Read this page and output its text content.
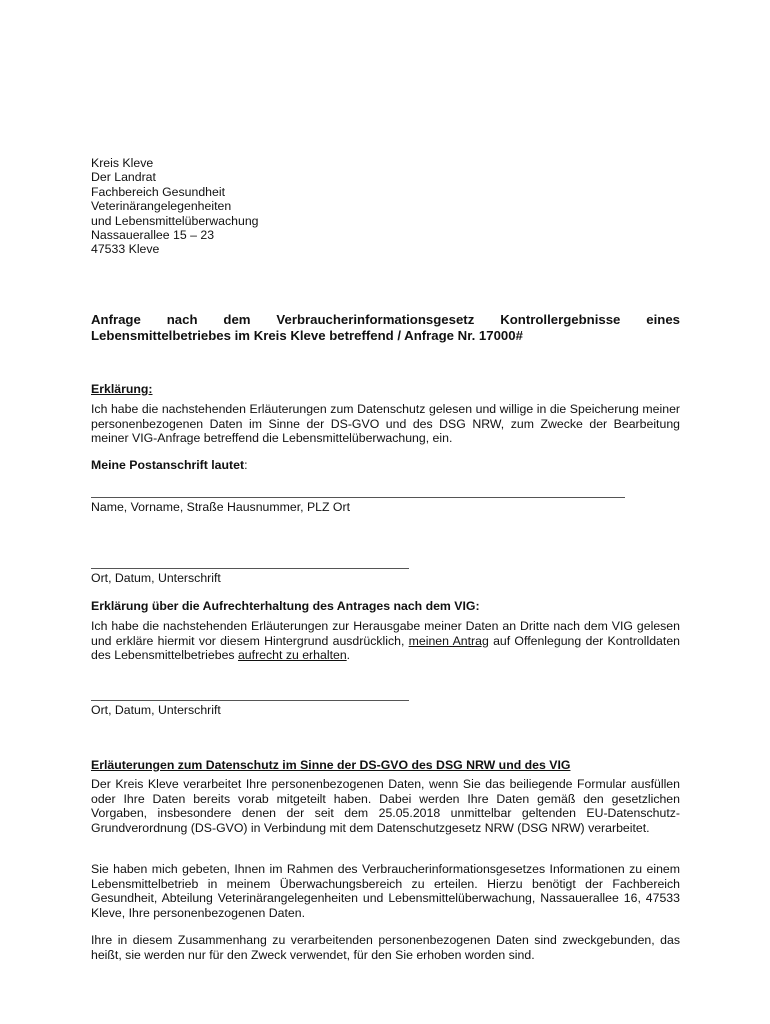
Kreis Kleve
Der Landrat
Fachbereich Gesundheit
Veterinärangelegenheiten
und Lebensmittelüberwachung
Nassauerallee 15 – 23
47533 Kleve
Anfrage nach dem Verbraucherinformationsgesetz Kontrollergebnisse eines
Lebensmittelbetriebes im Kreis Kleve betreffend / Anfrage Nr. 17000#
Erklärung:

Ich habe die nachstehenden Erläuterungen zum Datenschutz gelesen und willige in die Speicherung meiner personenbezogenen Daten im Sinne der DS-GVO und des DSG NRW, zum Zwecke der Bearbeitung meiner VIG-Anfrage betreffend die Lebensmittelüberwachung, ein.

Meine Postanschrift lautet:
Name, Vorname, Straße Hausnummer, PLZ Ort
Ort, Datum, Unterschrift
Erklärung über die Aufrechterhaltung des Antrages nach dem VIG:

Ich habe die nachstehenden Erläuterungen zur Herausgabe meiner Daten an Dritte nach dem VIG gelesen und erkläre hiermit vor diesem Hintergrund ausdrücklich, meinen Antrag auf Offenlegung der Kontrolldaten des Lebensmittelbetriebes aufrecht zu erhalten.

Ort, Datum, Unterschrift
Erläuterungen zum Datenschutz im Sinne der DS-GVO des DSG NRW und des VIG

Der Kreis Kleve verarbeitet Ihre personenbezogenen Daten, wenn Sie das beiliegende Formular ausfüllen oder Ihre Daten bereits vorab mitgeteilt haben. Dabei werden Ihre Daten gemäß den gesetzlichen Vorgaben, insbesondere denen der seit dem 25.05.2018 unmittelbar geltenden EU-Datenschutz-Grundverordnung (DS-GVO) in Verbindung mit dem Datenschutzgesetz NRW (DSG NRW) verarbeitet.

Sie haben mich gebeten, Ihnen im Rahmen des Verbraucherinformationsgesetzes Informationen zu einem Lebensmittelbetrieb in meinem Überwachungsbereich zu erteilen. Hierzu benötigt der Fachbereich Gesundheit, Abteilung Veterinärangelegenheiten und Lebensmittelüberwachung, Nassauerallee 16, 47533 Kleve, Ihre personenbezogenen Daten.

Ihre in diesem Zusammenhang zu verarbeitenden personenbezogenen Daten sind zweckgebunden, das heißt, sie werden nur für den Zweck verwendet, für den Sie erhoben worden sind.
